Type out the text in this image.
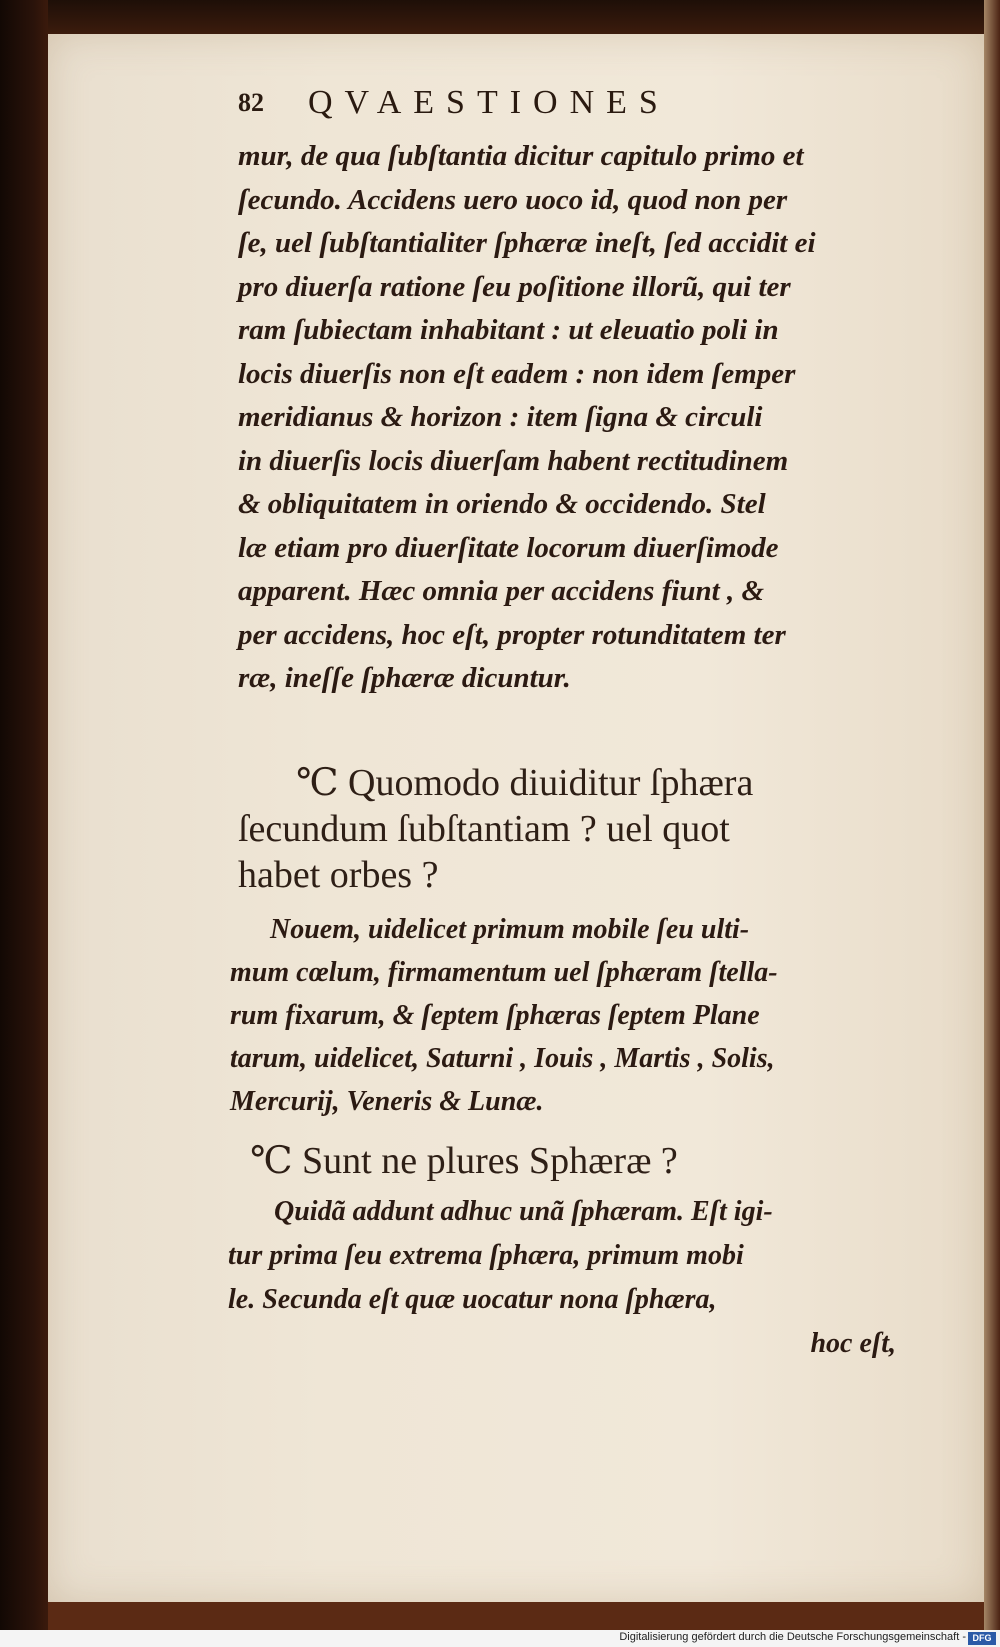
82 QVAESTIONES
mur, de qua ſubſtantia dicitur capitulo primo et
ſecundo. Accidens uero uoco id, quod non per
ſe, uel ſubſtantialiter ſphæræ ineſt, ſed accidit ei
pro diuerſa ratione ſeu poſitione illorũ, qui ter
ram ſubiectam inhabitant : ut eleuatio poli in
locis diuerſis non eſt eadem : non idem ſemper
meridianus & horizon : item ſigna & circuli
in diuerſis locis diuerſam habent rectitudinem
& obliquitatem in oriendo & occidendo. Stel
læ etiam pro diuerſitate locorum diuerſimode
apparent. Hæc omnia per accidens fiunt , &
per accidens, hoc eſt, propter rotunditatem ter
ræ, ineſſe ſphæræ dicuntur.
℃ Quomodo diuiditur ſphæra
ſecundum ſubſtantiam ? uel quot
habet orbes ?
Nouem, uidelicet primum mobile ſeu ulti-
mum cœlum, firmamentum uel ſphæram ſtella-
rum fixarum, & ſeptem ſphæras ſeptem Plane
tarum, uidelicet, Saturni , Iouis , Martis , Solis,
Mercurij, Veneris & Lunæ.
℃ Sunt ne plures Sphæræ ?
Quidã addunt adhuc unã ſphæram. Eſt igi-
tur prima ſeu extrema ſphæra, primum mobi
le. Secunda eſt quæ uocatur nona ſphæra,
hoc eſt,
Digitalisierung gefördert durch die Deutsche Forschungsgemeinschaft - DFG
